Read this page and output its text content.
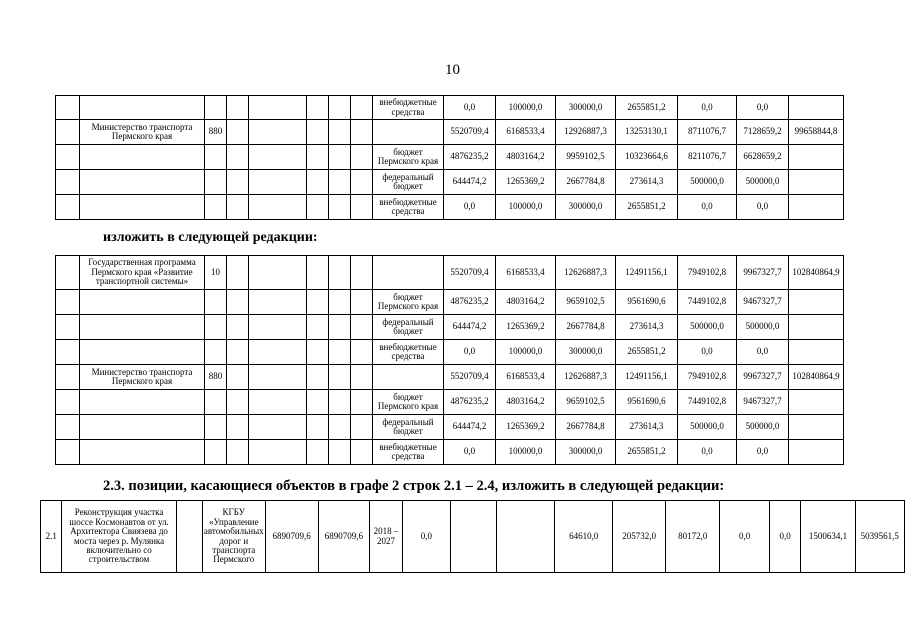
10
								внебюджетные средства	0,0	100000,0	300000,0	2655851,2	0,0	0,0	
	Министерство транспорта Пермского края	880							5520709,4	6168533,4	12926887,3	13253130,1	8711076,7	7128659,2	99658844,8
								бюджет Пермского края	4876235,2	4803164,2	9959102,5	10323664,6	8211076,7	6628659,2	
								федеральный бюджет	644474,2	1265369,2	2667784,8	273614,3	500000,0	500000,0	
								внебюджетные средства	0,0	100000,0	300000,0	2655851,2	0,0	0,0	
изложить в следующей редакции:
	Государственная программа Пермского края «Развитие транспортной системы»	10							5520709,4	6168533,4	12626887,3	12491156,1	7949102,8	9967327,7	102840864,9
								бюджет Пермского края	4876235,2	4803164,2	9659102,5	9561690,6	7449102,8	9467327,7	
								федеральный бюджет	644474,2	1265369,2	2667784,8	273614,3	500000,0	500000,0	
								внебюджетные средства	0,0	100000,0	300000,0	2655851,2	0,0	0,0	
	Министерство транспорта Пермского края	880							5520709,4	6168533,4	12626887,3	12491156,1	7949102,8	9967327,7	102840864,9
								бюджет Пермского края	4876235,2	4803164,2	9659102,5	9561690,6	7449102,8	9467327,7	
								федеральный бюджет	644474,2	1265369,2	2667784,8	273614,3	500000,0	500000,0	
								внебюджетные средства	0,0	100000,0	300000,0	2655851,2	0,0	0,0	
2.3. позиции, касающиеся объектов в графе 2 строк 2.1 – 2.4, изложить в следующей редакции:
2.1	Реконструкция участка шоссе Космонавтов от ул. Архитектора Свиязева до моста через р. Мулянка включительно со строительством		КГБУ «Управление автомобильных дорог и транспорта Пермского	6890709,6	6890709,6	2018 – 2027	0,0			64610,0	205732,0	80172,0	0,0	0,0	1500634,1	5039561,5
